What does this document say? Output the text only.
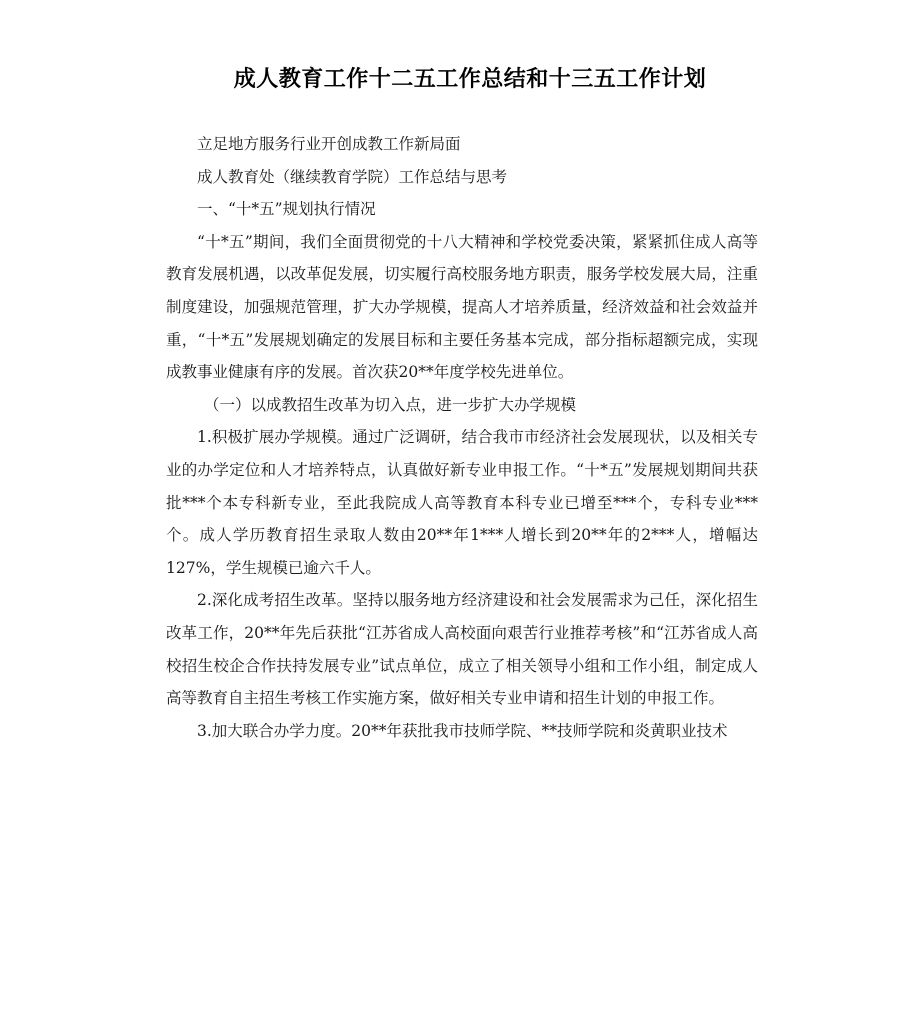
成人教育工作十二五工作总结和十三五工作计划

立足地方服务行业开创成教工作新局面

成人教育处（继续教育学院）工作总结与思考

一、“十*五”规划执行情况

“十*五”期间，我们全面贯彻党的十八大精神和学校党委决策，紧紧抓住成人高等教育发展机遇，以改革促发展，切实履行高校服务地方职责，服务学校发展大局，注重制度建设，加强规范管理，扩大办学规模，提高人才培养质量，经济效益和社会效益并重，“十*五”发展规划确定的发展目标和主要任务基本完成，部分指标超额完成，实现成教事业健康有序的发展。首次获20**年度学校先进单位。

（一）以成教招生改革为切入点，进一步扩大办学规模

1.积极扩展办学规模。通过广泛调研，结合我市市经济社会发展现状，以及相关专业的办学定位和人才培养特点，认真做好新专业申报工作。“十*五”发展规划期间共获批***个本专科新专业，至此我院成人高等教育本科专业已增至***个，专科专业***个。成人学历教育招生录取人数由20**年1***人增长到20**年的2***人，增幅达127%，学生规模已逾六千人。

2.深化成考招生改革。坚持以服务地方经济建设和社会发展需求为己任，深化招生改革工作，20**年先后获批“江苏省成人高校面向艰苦行业推荐考核”和“江苏省成人高校招生校企合作扶持发展专业”试点单位，成立了相关领导小组和工作小组，制定成人高等教育自主招生考核工作实施方案，做好相关专业申请和招生计划的申报工作。

3.加大联合办学力度。20**年获批我市技师学院、**技师学院和炎黄职业技术
